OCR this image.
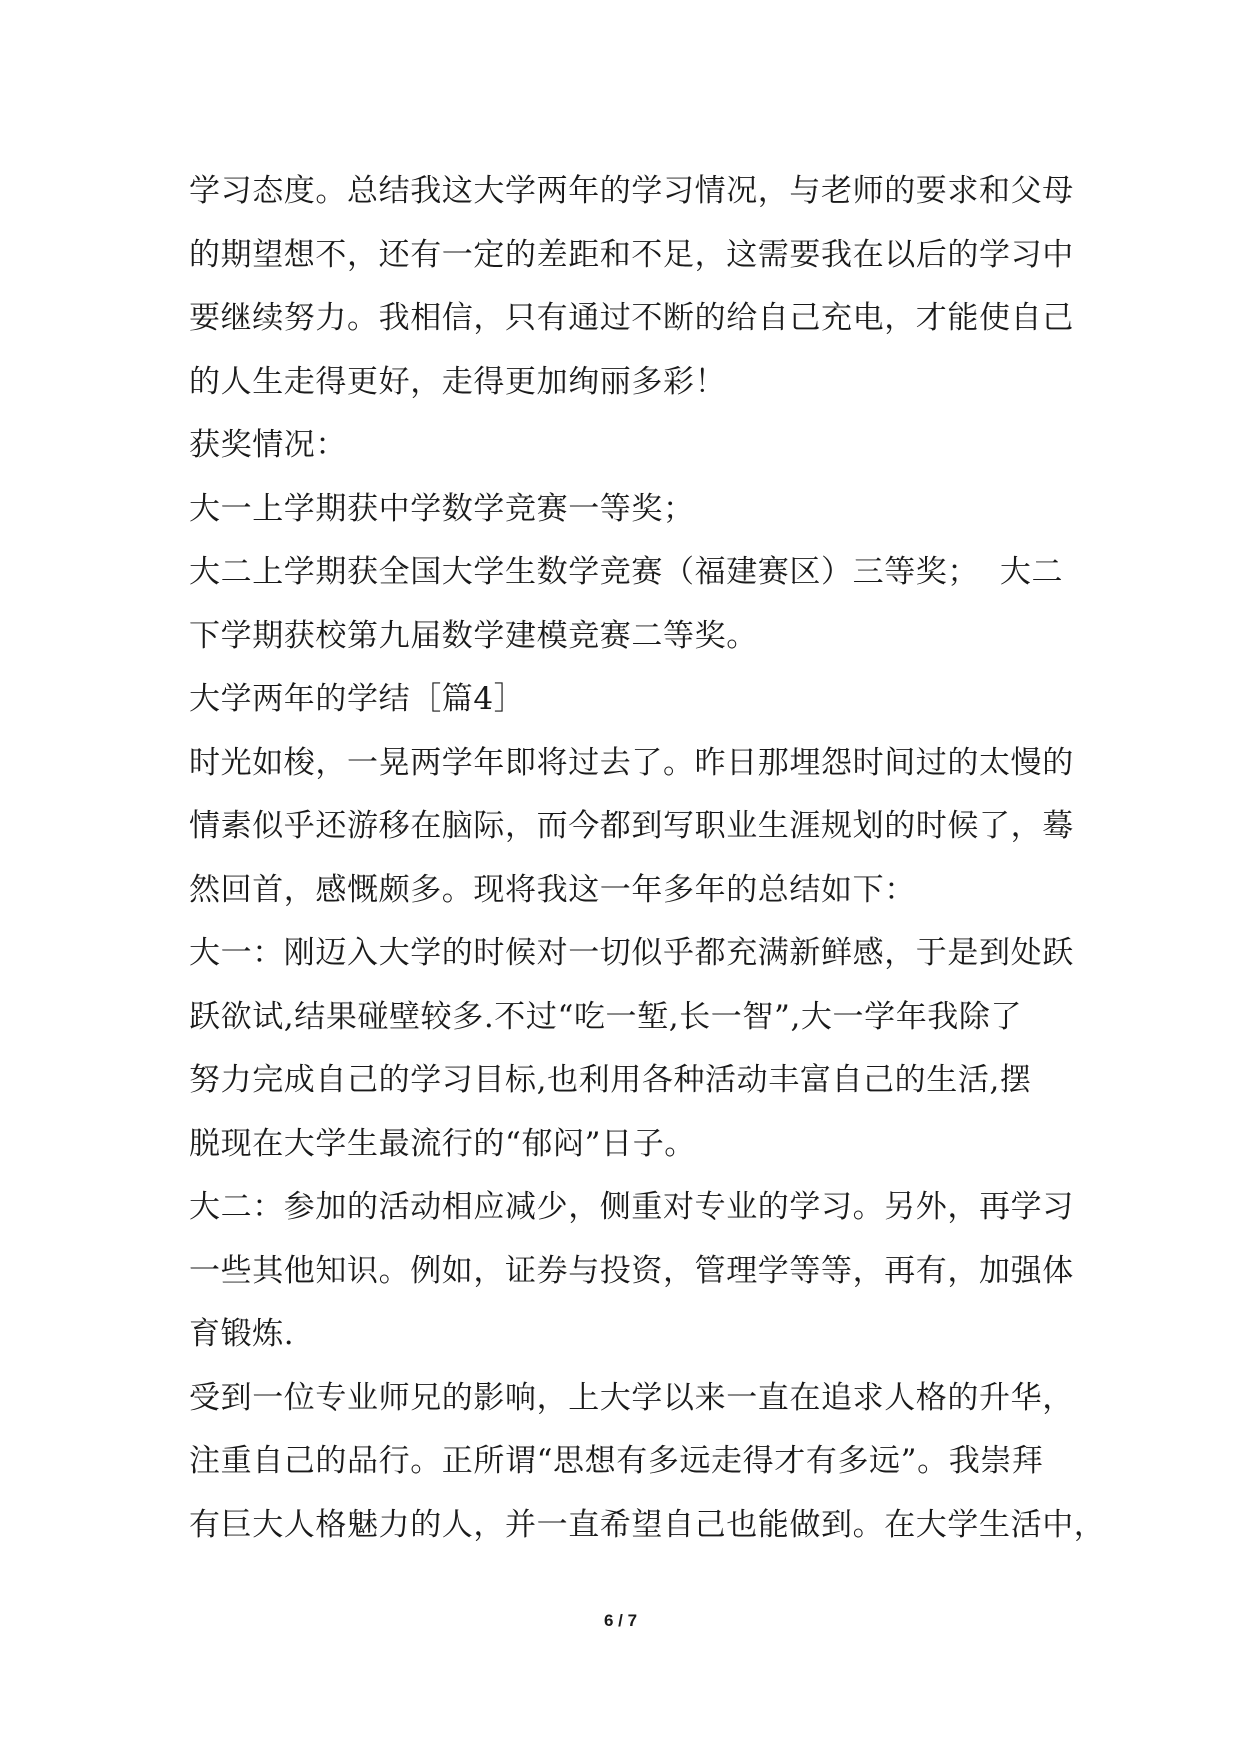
学习态度。总结我这大学两年的学习情况，与老师的要求和父母
的期望想不，还有一定的差距和不足，这需要我在以后的学习中
要继续努力。我相信，只有通过不断的给自己充电，才能使自己
的人生走得更好，走得更加绚丽多彩！
获奖情况：
大一上学期获中学数学竞赛一等奖；
大二上学期获全国大学生数学竞赛（福建赛区）三等奖；  大二
下学期获校第九届数学建模竞赛二等奖。
大学两年的学结［篇4］
时光如梭，一晃两学年即将过去了。昨日那埋怨时间过的太慢的
情素似乎还游移在脑际，而今都到写职业生涯规划的时候了，蓦
然回首，感慨颇多。现将我这一年多年的总结如下：
大一：刚迈入大学的时候对一切似乎都充满新鲜感，于是到处跃
跃欲试,结果碰壁较多.不过“吃一堑,长一智”,大一学年我除了
努力完成自己的学习目标,也利用各种活动丰富自己的生活,摆
脱现在大学生最流行的“郁闷”日子。
大二：参加的活动相应减少，侧重对专业的学习。另外，再学习
一些其他知识。例如，证券与投资，管理学等等，再有，加强体
育锻炼.
受到一位专业师兄的影响，上大学以来一直在追求人格的升华，
注重自己的品行。正所谓“思想有多远走得才有多远”。我崇拜
有巨大人格魅力的人，并一直希望自己也能做到。在大学生活中，
6 / 7
